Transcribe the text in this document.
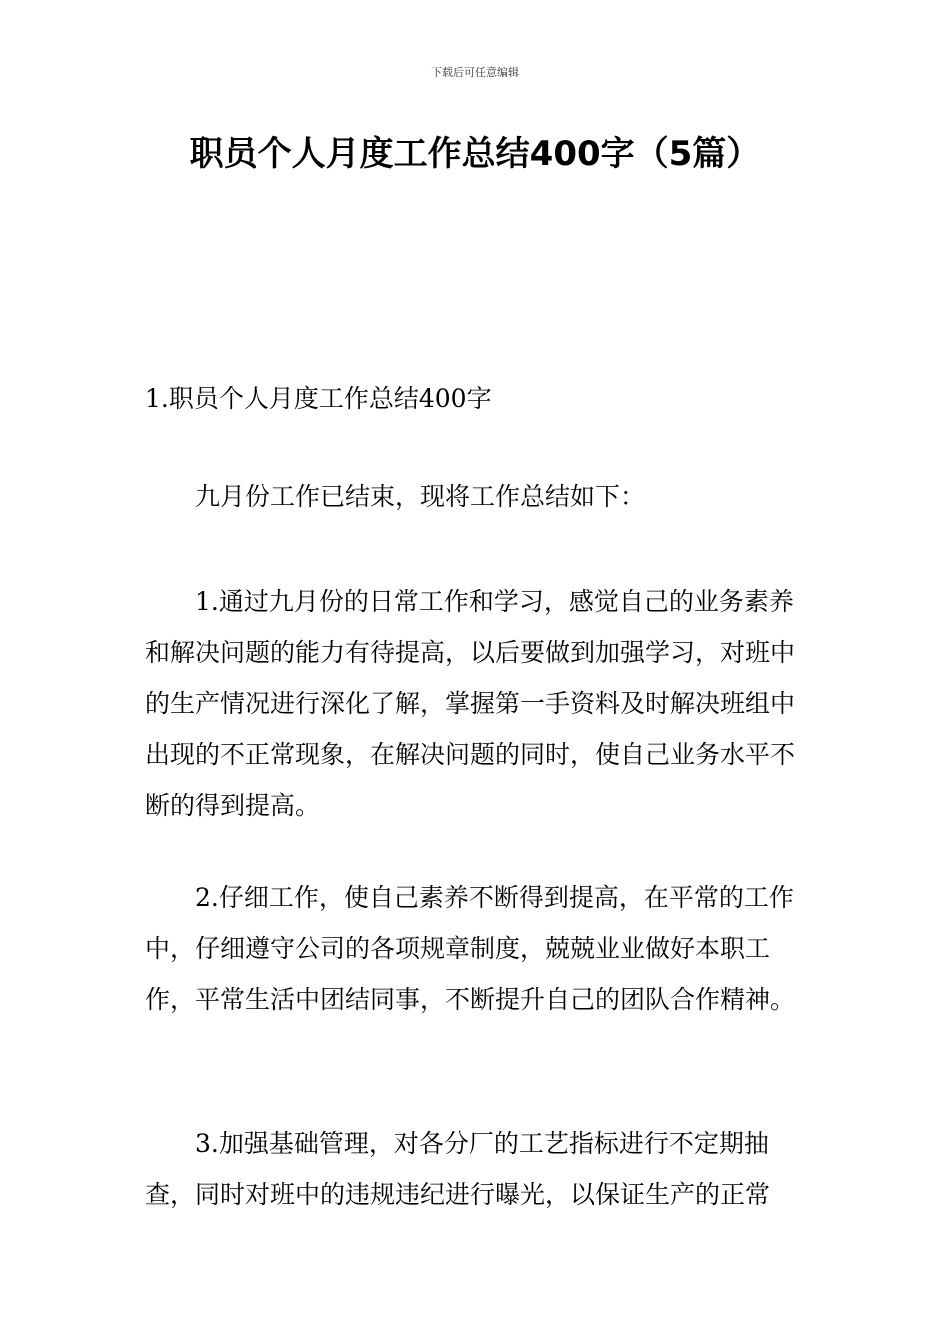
下载后可任意编辑
职员个人月度工作总结400字（5篇）

1.职员个人月度工作总结400字

九月份工作已结束，现将工作总结如下：

1.通过九月份的日常工作和学习，感觉自己的业务素养和解决问题的能力有待提高，以后要做到加强学习，对班中的生产情况进行深化了解，掌握第一手资料及时解决班组中出现的不正常现象，在解决问题的同时，使自己业务水平不断的得到提高。

2.仔细工作，使自己素养不断得到提高，在平常的工作中，仔细遵守公司的各项规章制度，兢兢业业做好本职工作，平常生活中团结同事，不断提升自己的团队合作精神。

3.加强基础管理，对各分厂的工艺指标进行不定期抽查，同时对班中的违规违纪进行曝光，以保证生产的正常
